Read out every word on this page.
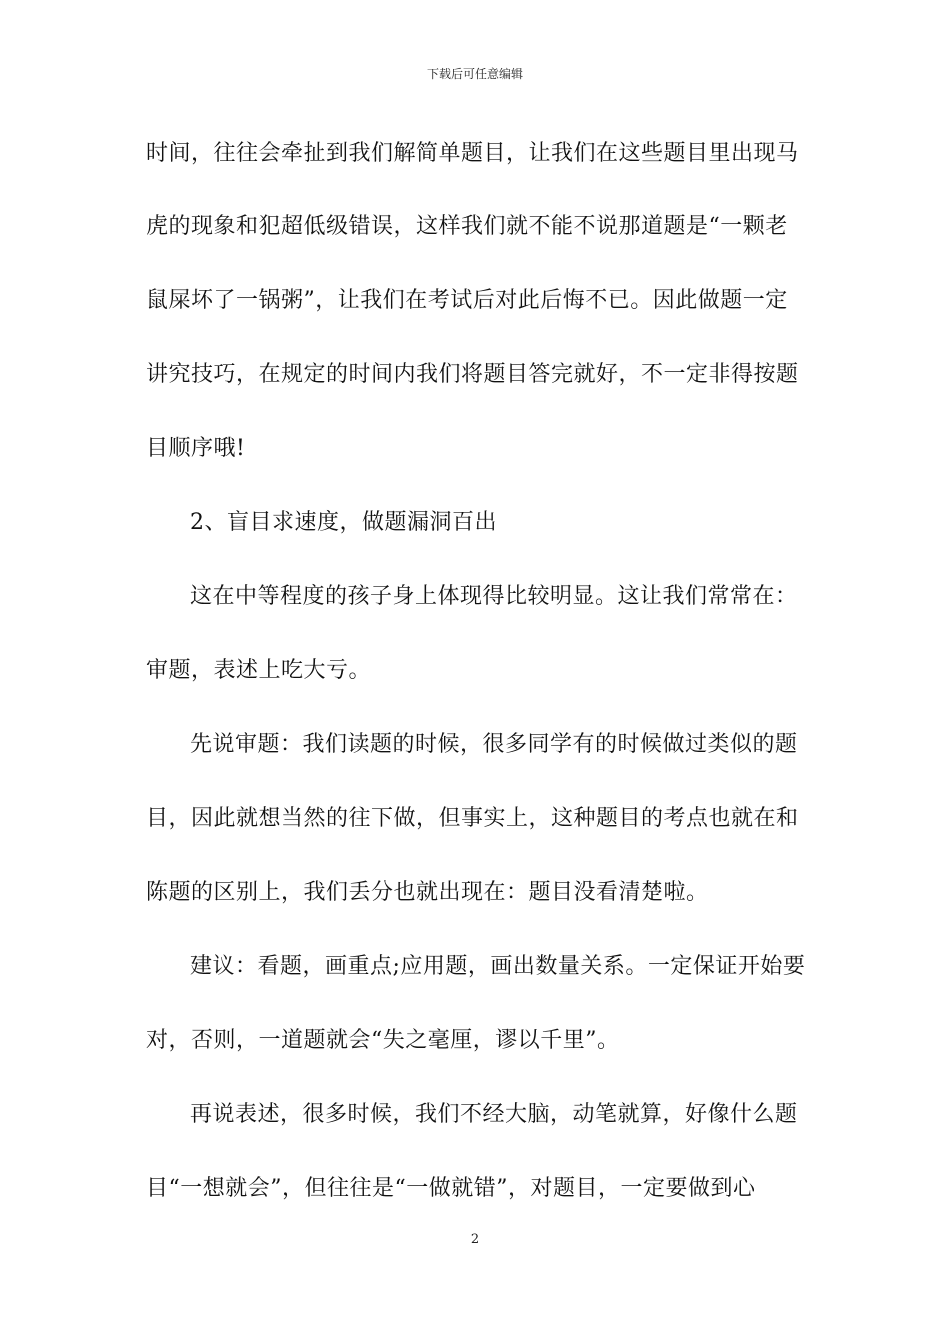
下载后可任意编辑
时间，往往会牵扯到我们解简单题目，让我们在这些题目里出现马
虎的现象和犯超低级错误，这样我们就不能不说那道题是“一颗老
鼠屎坏了一锅粥”，让我们在考试后对此后悔不已。因此做题一定
讲究技巧，在规定的时间内我们将题目答完就好，不一定非得按题
目顺序哦!
2、盲目求速度，做题漏洞百出
这在中等程度的孩子身上体现得比较明显。这让我们常常在：
审题，表述上吃大亏。
先说审题：我们读题的时候，很多同学有的时候做过类似的题
目，因此就想当然的往下做，但事实上，这种题目的考点也就在和
陈题的区别上，我们丢分也就出现在：题目没看清楚啦。
建议：看题，画重点;应用题，画出数量关系。一定保证开始要
对，否则，一道题就会“失之毫厘，谬以千里”。
再说表述，很多时候，我们不经大脑，动笔就算，好像什么题
目“一想就会”，但往往是“一做就错”，对题目，一定要做到心
2
